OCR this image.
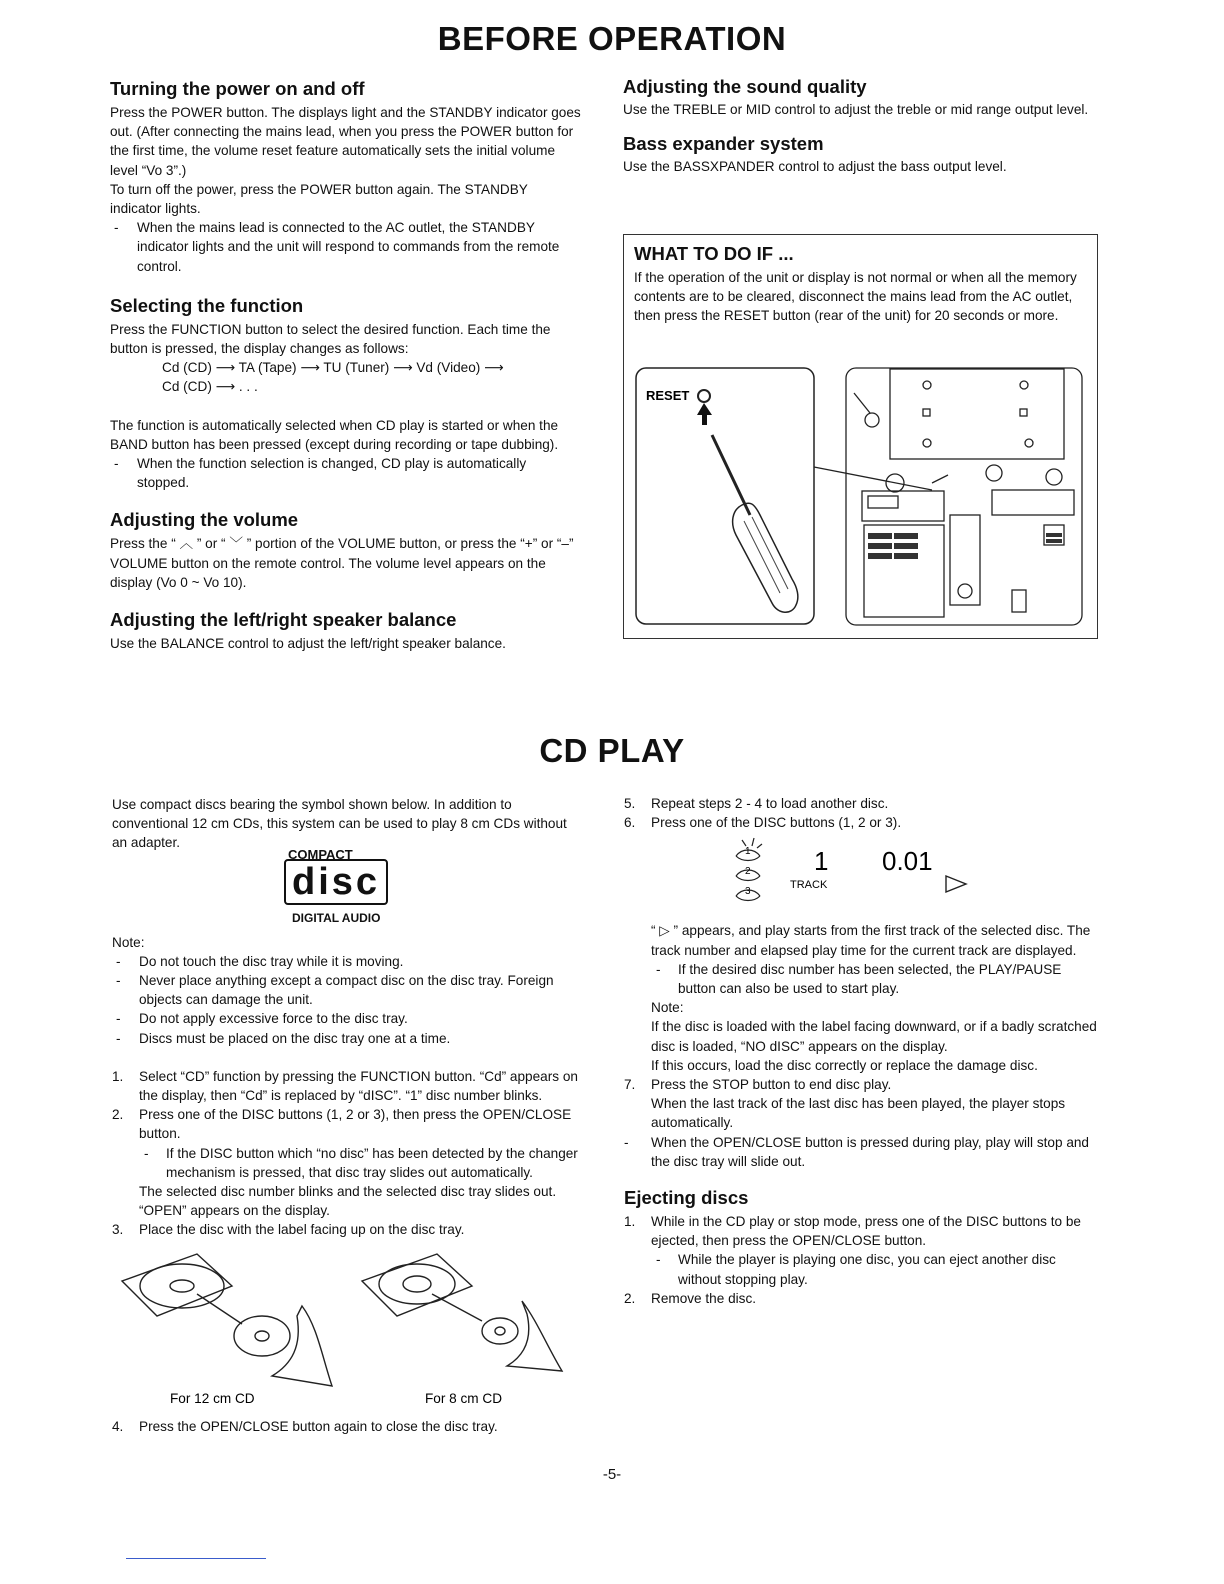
BEFORE OPERATION
Turning the power on and off

Press the POWER button. The displays light and the STANDBY indicator goes out. (After connecting the mains lead, when you press the POWER button for the first time, the volume reset feature automatically sets the initial volume level “Vo 3”.)

To turn off the power, press the POWER button again. The STANDBY indicator lights.

- When the mains lead is connected to the AC outlet, the STANDBY indicator lights and the unit will respond to commands from the remote control.
Selecting the function

Press the FUNCTION button to select the desired function. Each time the button is pressed, the display changes as follows:

Cd (CD) ⟶ TA (Tape) ⟶ TU (Tuner) ⟶ Vd (Video) ⟶

Cd (CD) ⟶ . . .

The function is automatically selected when CD play is started or when the BAND button has been pressed (except during recording or tape dubbing).

- When the function selection is changed, CD play is automatically stopped.
Adjusting the volume

Press the “ ︿ ” or “ ﹀ ” portion of the VOLUME button, or press the “+” or “–” VOLUME button on the remote control. The volume level appears on the display (Vo 0 ~ Vo 10).

Adjusting the left/right speaker balance

Use the BALANCE control to adjust the left/right speaker balance.

Adjusting the sound quality

Use the TREBLE or MID control to adjust the treble or mid range output level.

Bass expander system

Use the BASSXPANDER control to adjust the bass output level.

WHAT TO DO IF ...

If the operation of the unit or display is not normal or when all the memory contents are to be cleared, disconnect the mains lead from the AC outlet, then press the RESET button (rear of the unit) for 20 seconds or more.

RESET
CD PLAY

Use compact discs bearing the symbol shown below. In addition to conventional 12 cm CDs, this system can be used to play 8 cm CDs without an adapter.

COMPACT
disc
DIGITAL AUDIO

Note:

- Do not touch the disc tray while it is moving.
- Never place anything except a compact disc on the disc tray. Foreign objects can damage the unit.
- Do not apply excessive force to the disc tray.
- Discs must be placed on the disc tray one at a time.
1. Select “CD” function by pressing the FUNCTION button. “Cd” appears on the display, then “Cd” is replaced by “dISC”. “1” disc number blinks.
2. Press one of the DISC buttons (1, 2 or 3), then press the OPEN/CLOSE button.
- If the DISC button which “no disc” has been detected by the changer mechanism is pressed, that disc tray slides out automatically.

The selected disc number blinks and the selected disc tray slides out. “OPEN” appears on the display.

3. Place the disc with the label facing up on the disc tray.
For 12 cm CD	For 8 cm CD
4. Press the OPEN/CLOSE button again to close the disc tray.
5. Repeat steps 2 - 4 to load another disc.
6. Press one of the DISC buttons (1, 2 or 3).
1
2
3
1
TRACK
0.01

“ ▷ ” appears, and play starts from the first track of the selected disc. The track number and elapsed play time for the current track are displayed.

- If the desired disc number has been selected, the PLAY/PAUSE button can also be used to start play.

Note:

If the disc is loaded with the label facing downward, or if a badly scratched disc is loaded, “NO dISC” appears on the display.

If this occurs, load the disc correctly or replace the damage disc.

7. Press the STOP button to end disc play.

When the last track of the last disc has been played, the player stops automatically.

- When the OPEN/CLOSE button is pressed during play, play will stop and the disc tray will slide out.
Ejecting discs
1. While in the CD play or stop mode, press one of the DISC buttons to be ejected, then press the OPEN/CLOSE button.
- While the player is playing one disc, you can eject another disc without stopping play.
2. Remove the disc.
-5-
